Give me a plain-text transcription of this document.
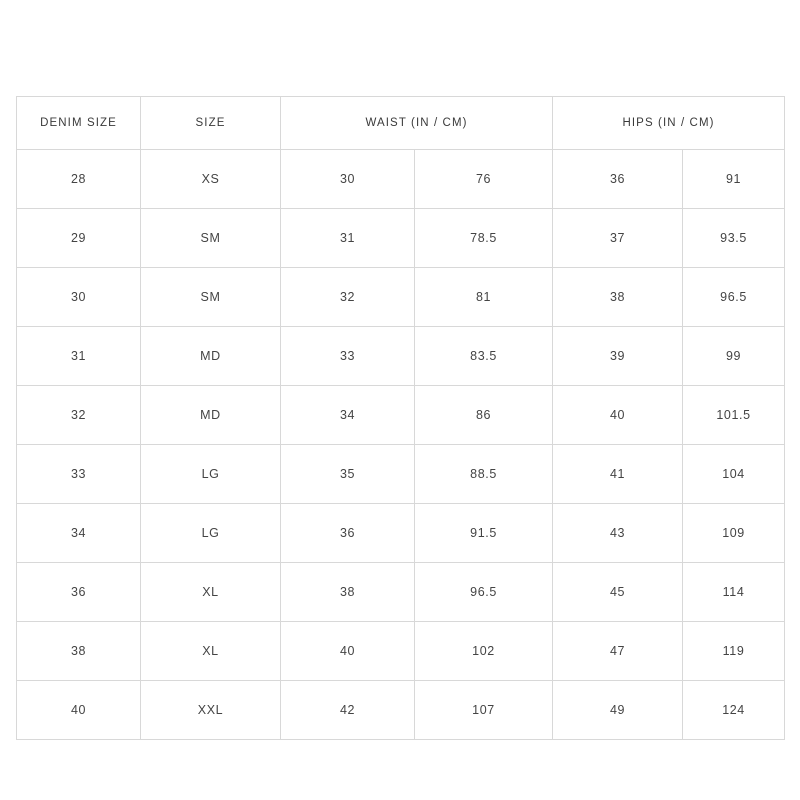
DENIM SIZE	SIZE	WAIST (IN / CM)		HIPS (IN / CM)	
28	XS	30	76	36	91
29	SM	31	78.5	37	93.5
30	SM	32	81	38	96.5
31	MD	33	83.5	39	99
32	MD	34	86	40	101.5
33	LG	35	88.5	41	104
34	LG	36	91.5	43	109
36	XL	38	96.5	45	114
38	XL	40	102	47	119
40	XXL	42	107	49	124
